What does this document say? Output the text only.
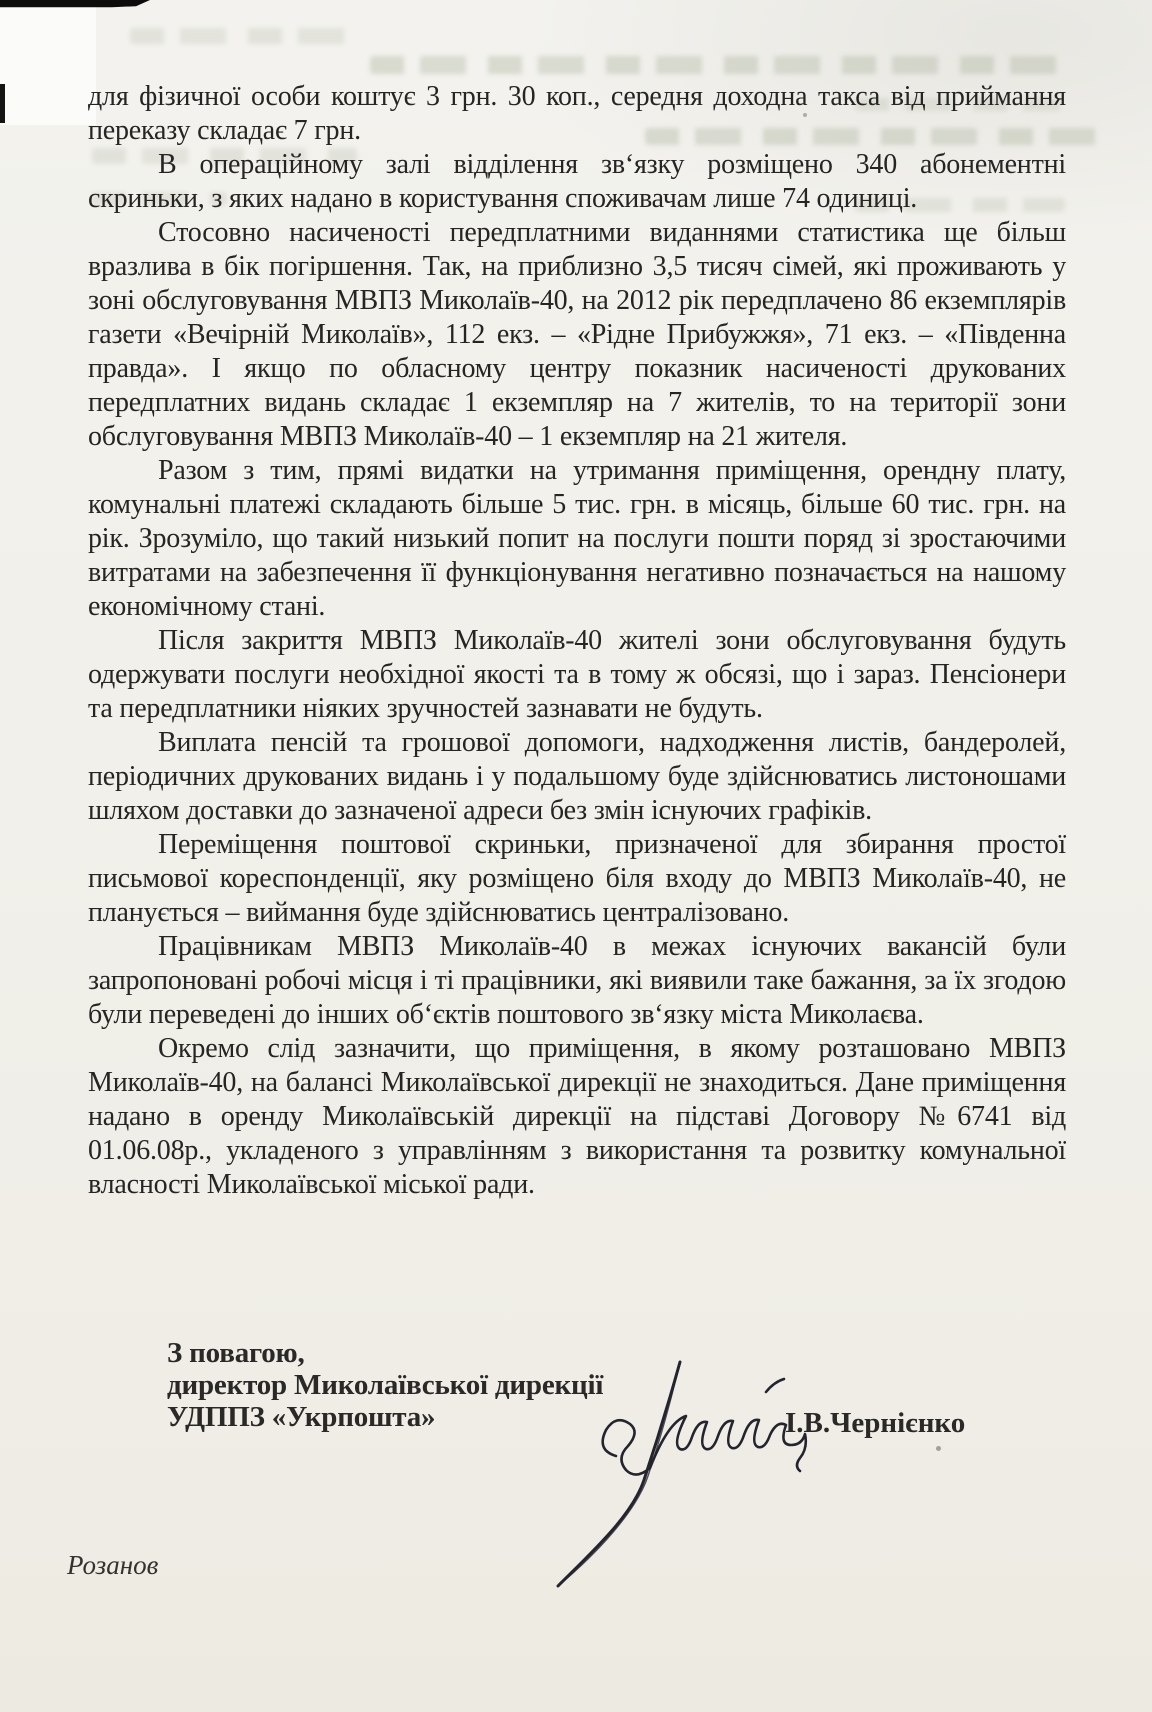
для фізичної особи коштує 3 грн. 30 коп., середня доходна такса від приймання переказу складає 7 грн.

В операційному залі відділення зв‘язку розміщено 340 абонементні скриньки, з яких надано в користування споживачам лише 74 одиниці.

Стосовно насиченості передплатними виданнями статистика ще більш вразлива в бік погіршення. Так, на приблизно 3,5 тисяч сімей, які проживають у зоні обслуговування МВПЗ Миколаїв-40, на 2012 рік передплачено 86 екземплярів газети «Вечірній Миколаїв», 112 екз. – «Рідне Прибужжя», 71 екз. – «Південна правда». І якщо по обласному центру показник насиченості друкованих передплатних видань складає 1 екземпляр на 7 жителів, то на території зони обслуговування МВПЗ Миколаїв-40 – 1 екземпляр на 21 жителя.

Разом з тим, прямі видатки на утримання приміщення, орендну плату, комунальні платежі складають більше 5 тис. грн. в місяць, більше 60 тис. грн. на рік. Зрозуміло, що такий низький попит на послуги пошти поряд зі зростаючими витратами на забезпечення її функціонування негативно позначається на нашому економічному стані.

Після закриття МВПЗ Миколаїв-40 жителі зони обслуговування будуть одержувати послуги необхідної якості та в тому ж обсязі, що і зараз. Пенсіонери та передплатники ніяких зручностей зазнавати не будуть.

Виплата пенсій та грошової допомоги, надходження листів, бандеролей, періодичних друкованих видань і у подальшому буде здійснюватись листоношами шляхом доставки до зазначеної адреси без змін існуючих графіків.

Переміщення поштової скриньки, призначеної для збирання простої письмової кореспонденції, яку розміщено біля входу до МВПЗ Миколаїв-40, не планується – виймання буде здійснюватись централізовано.

Працівникам МВПЗ Миколаїв-40 в межах існуючих вакансій були запропоновані робочі місця і ті працівники, які виявили таке бажання, за їх згодою були переведені до інших об‘єктів поштового зв‘язку міста Миколаєва.

Окремо слід зазначити, що приміщення, в якому розташовано МВПЗ Миколаїв-40, на балансі Миколаївської дирекції не знаходиться. Дане приміщення надано в оренду Миколаївській дирекції на підставі Договору №6741 від 01.06.08р., укладеного з управлінням з використання та розвитку комунальної власності Миколаївської міської ради.

З повагою,
директор Миколаївської дирекції
УДППЗ «Укрпошта»	І.В.Чернієнко
Розанов
